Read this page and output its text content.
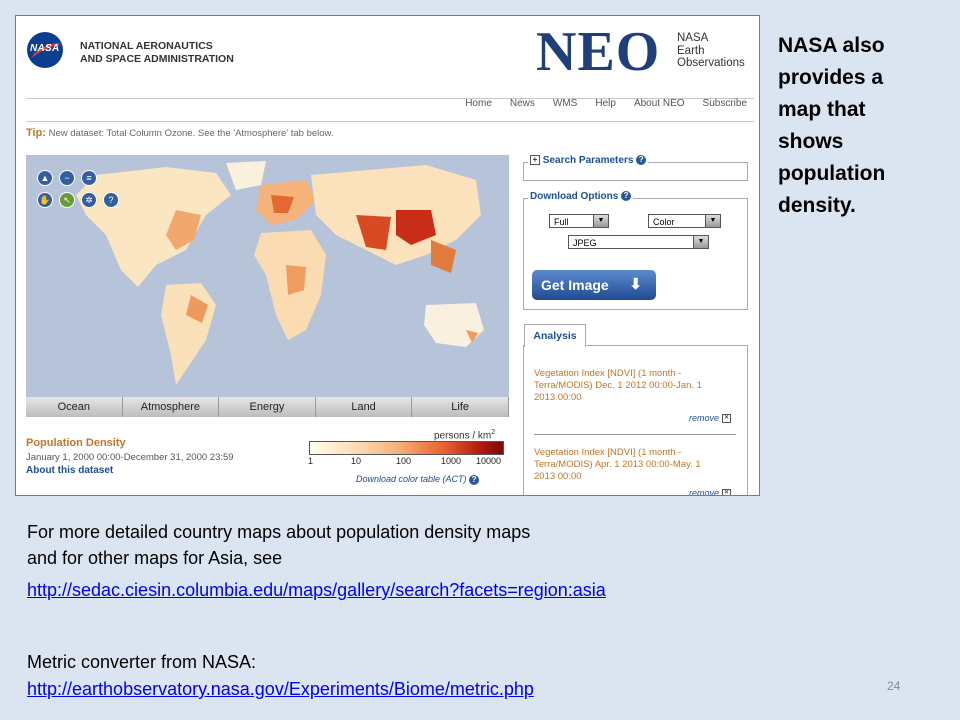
NASA NATIONAL AERONAUTICS
AND SPACE ADMINISTRATION	NEO NASA
Earth
Observations
Home News WMS Help About NEO Subscribe
Tip: New dataset: Total Column Ozone. See the 'Atmosphere' tab below.
▲	−	≡
✋	↖	✲	?
Ocean	Atmosphere	Energy	Land	Life
Population Density
January 1, 2000 00:00-December 31, 2000 23:59
About this dataset
persons / $km^2$
1	10	100	1000 10000
Download color table (ACT) ?
+ Search Parameters ?
Download Options ?
Full	▼	Color	▼
JPEG	▼
Get Image ⬇
Analysis
Vegetation Index [NDVI] (1 month -
Terra/MODIS) Dec. 1 2012 00:00-Jan. 1
2013 00:00
remove ✕
Vegetation Index [NDVI] (1 month -
Terra/MODIS) Apr. 1 2013 00:00-May. 1
2013 00:00
remove ✕
NASA also
provides a
map that
shows
population
density.
For more detailed country maps about population density maps
and for other maps for Asia, see
http://sedac.ciesin.columbia.edu/maps/gallery/search?facets=region:asia
Metric converter from NASA:
http://earthobservatory.nasa.gov/Experiments/Biome/metric.php	24
